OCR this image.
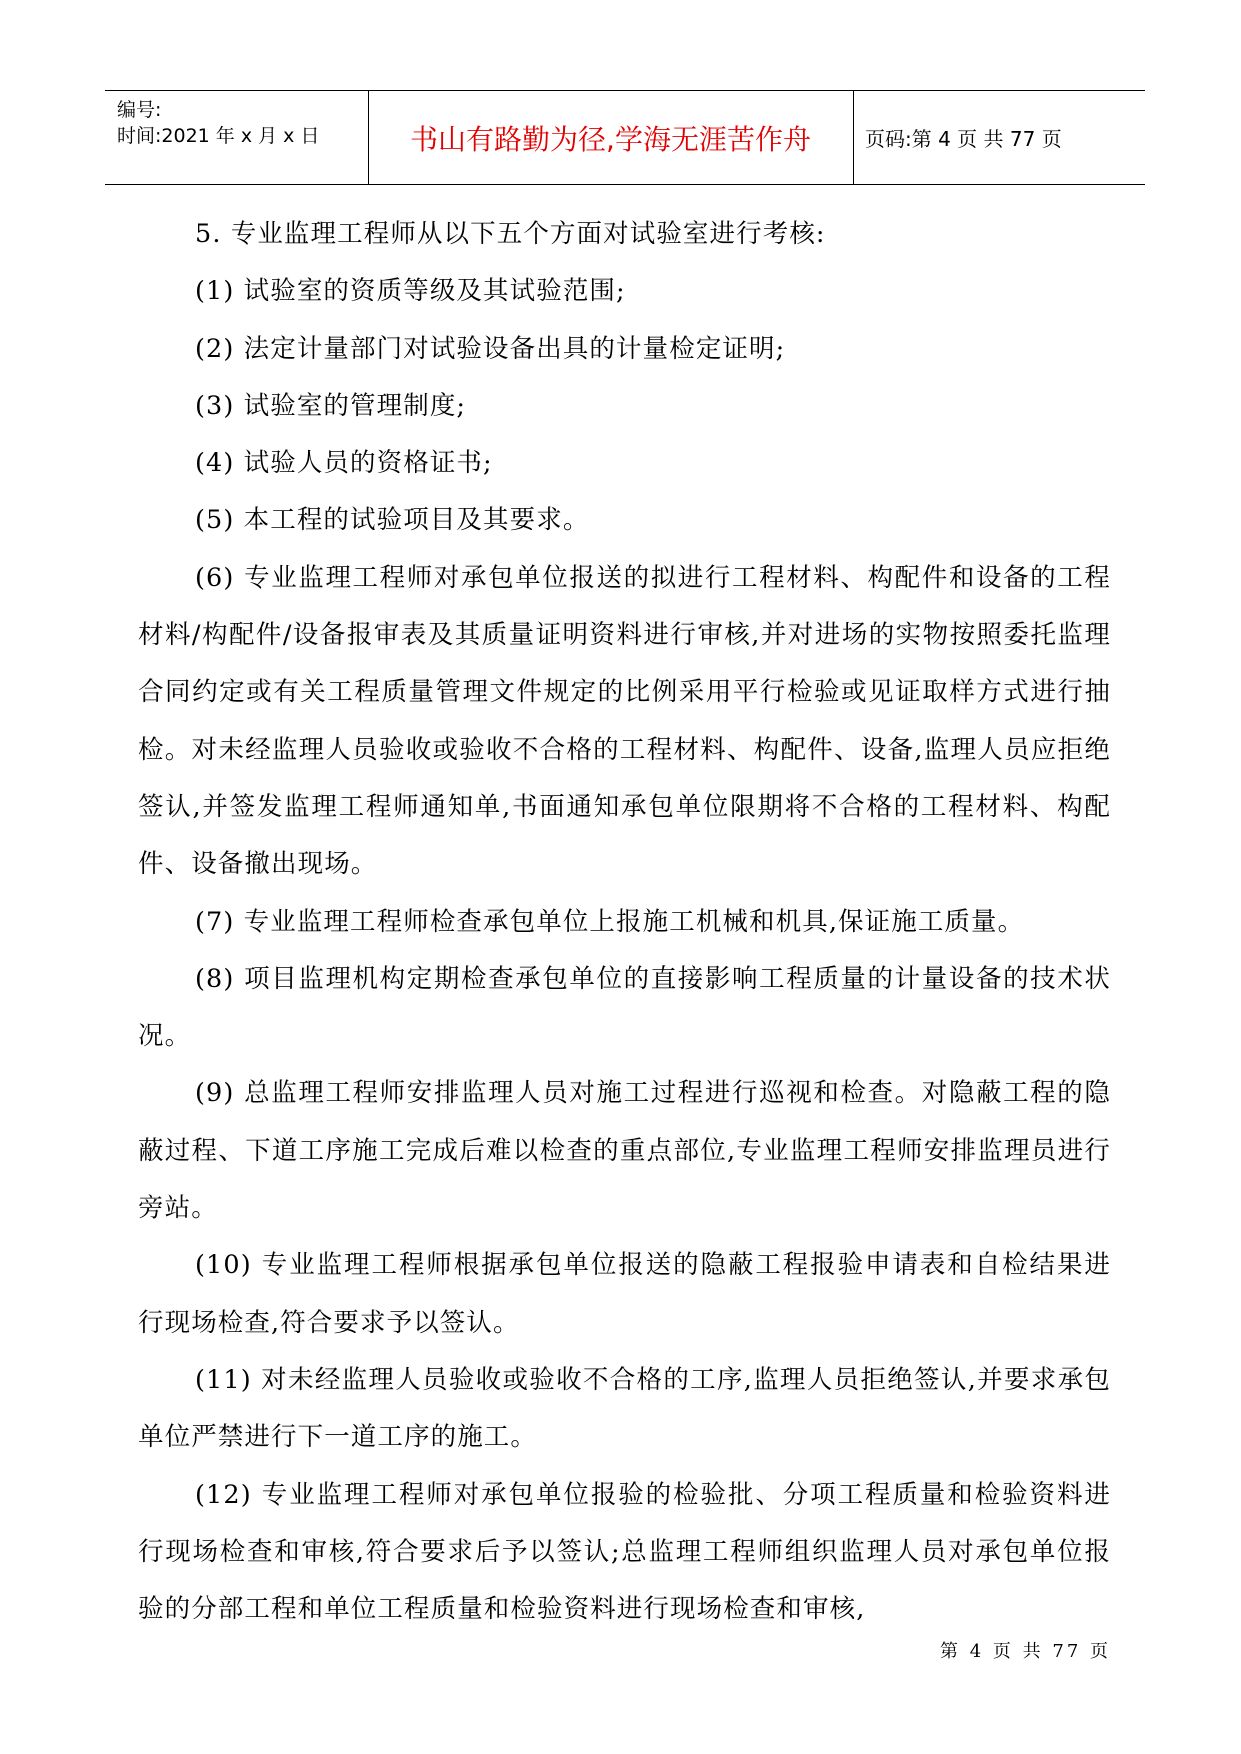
编号:
时间:2021 年 x 月 x 日	书山有路勤为径,学海无涯苦作舟	页码:第 4 页 共 77 页

5. 专业监理工程师从以下五个方面对试验室进行考核:

(1) 试验室的资质等级及其试验范围;

(2) 法定计量部门对试验设备出具的计量检定证明;

(3) 试验室的管理制度;

(4) 试验人员的资格证书;

(5) 本工程的试验项目及其要求。

(6) 专业监理工程师对承包单位报送的拟进行工程材料、构配件和设备的工程材料/构配件/设备报审表及其质量证明资料进行审核,并对进场的实物按照委托监理合同约定或有关工程质量管理文件规定的比例采用平行检验或见证取样方式进行抽检。对未经监理人员验收或验收不合格的工程材料、构配件、设备,监理人员应拒绝签认,并签发监理工程师通知单,书面通知承包单位限期将不合格的工程材料、构配件、设备撤出现场。

(7) 专业监理工程师检查承包单位上报施工机械和机具,保证施工质量。

(8) 项目监理机构定期检查承包单位的直接影响工程质量的计量设备的技术状况。

(9) 总监理工程师安排监理人员对施工过程进行巡视和检查。对隐蔽工程的隐蔽过程、下道工序施工完成后难以检查的重点部位,专业监理工程师安排监理员进行旁站。

(10) 专业监理工程师根据承包单位报送的隐蔽工程报验申请表和自检结果进行现场检查,符合要求予以签认。

(11) 对未经监理人员验收或验收不合格的工序,监理人员拒绝签认,并要求承包单位严禁进行下一道工序的施工。

(12) 专业监理工程师对承包单位报验的检验批、分项工程质量和检验资料进行现场检查和审核,符合要求后予以签认;总监理工程师组织监理人员对承包单位报验的分部工程和单位工程质量和检验资料进行现场检查和审核,

第 4 页 共 77 页
